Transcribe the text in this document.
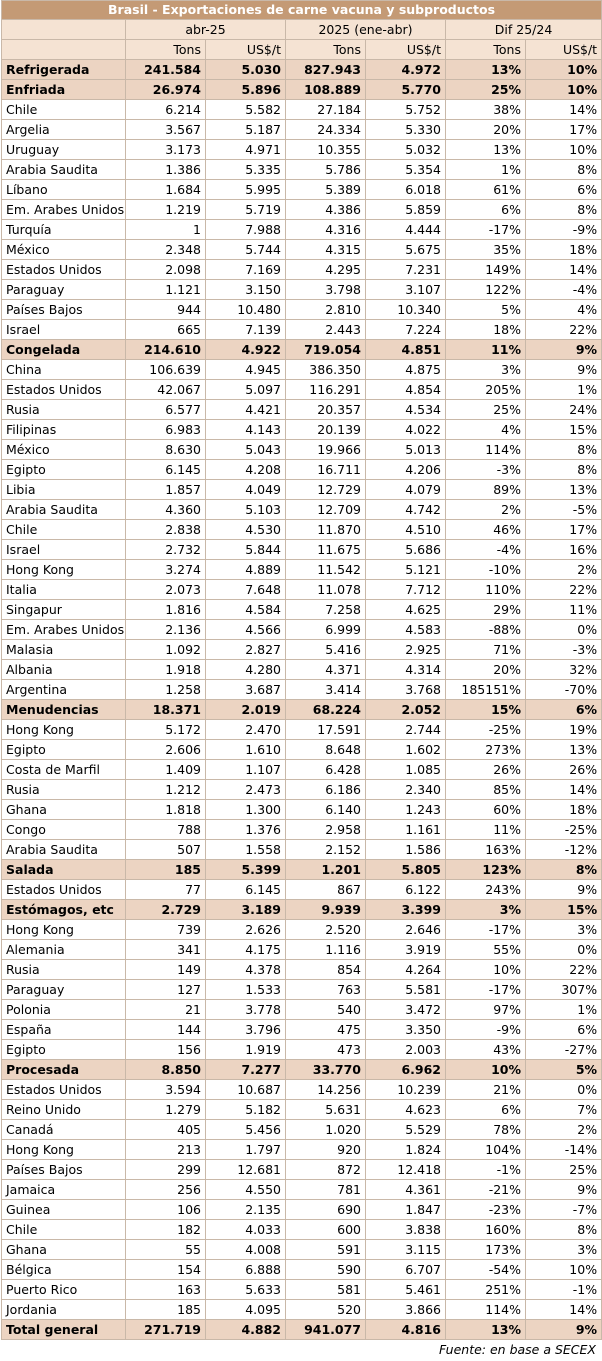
Brasil - Exportaciones de carne vacuna y subproductos						
	abr-25		2025 (ene-abr)		Dif 25/24	
	Tons	US$/t	Tons	US$/t	Tons	US$/t
Refrigerada	241.584	5.030	827.943	4.972	13%	10%
Enfriada	26.974	5.896	108.889	5.770	25%	10%
Chile	6.214	5.582	27.184	5.752	38%	14%
Argelia	3.567	5.187	24.334	5.330	20%	17%
Uruguay	3.173	4.971	10.355	5.032	13%	10%
Arabia Saudita	1.386	5.335	5.786	5.354	1%	8%
Líbano	1.684	5.995	5.389	6.018	61%	6%
Em. Arabes Unidos	1.219	5.719	4.386	5.859	6%	8%
Turquía	1	7.988	4.316	4.444	-17%	-9%
México	2.348	5.744	4.315	5.675	35%	18%
Estados Unidos	2.098	7.169	4.295	7.231	149%	14%
Paraguay	1.121	3.150	3.798	3.107	122%	-4%
Países Bajos	944	10.480	2.810	10.340	5%	4%
Israel	665	7.139	2.443	7.224	18%	22%
Congelada	214.610	4.922	719.054	4.851	11%	9%
China	106.639	4.945	386.350	4.875	3%	9%
Estados Unidos	42.067	5.097	116.291	4.854	205%	1%
Rusia	6.577	4.421	20.357	4.534	25%	24%
Filipinas	6.983	4.143	20.139	4.022	4%	15%
México	8.630	5.043	19.966	5.013	114%	8%
Egipto	6.145	4.208	16.711	4.206	-3%	8%
Libia	1.857	4.049	12.729	4.079	89%	13%
Arabia Saudita	4.360	5.103	12.709	4.742	2%	-5%
Chile	2.838	4.530	11.870	4.510	46%	17%
Israel	2.732	5.844	11.675	5.686	-4%	16%
Hong Kong	3.274	4.889	11.542	5.121	-10%	2%
Italia	2.073	7.648	11.078	7.712	110%	22%
Singapur	1.816	4.584	7.258	4.625	29%	11%
Em. Arabes Unidos	2.136	4.566	6.999	4.583	-88%	0%
Malasia	1.092	2.827	5.416	2.925	71%	-3%
Albania	1.918	4.280	4.371	4.314	20%	32%
Argentina	1.258	3.687	3.414	3.768	185151%	-70%
Menudencias	18.371	2.019	68.224	2.052	15%	6%
Hong Kong	5.172	2.470	17.591	2.744	-25%	19%
Egipto	2.606	1.610	8.648	1.602	273%	13%
Costa de Marfil	1.409	1.107	6.428	1.085	26%	26%
Rusia	1.212	2.473	6.186	2.340	85%	14%
Ghana	1.818	1.300	6.140	1.243	60%	18%
Congo	788	1.376	2.958	1.161	11%	-25%
Arabia Saudita	507	1.558	2.152	1.586	163%	-12%
Salada	185	5.399	1.201	5.805	123%	8%
Estados Unidos	77	6.145	867	6.122	243%	9%
Estómagos, etc	2.729	3.189	9.939	3.399	3%	15%
Hong Kong	739	2.626	2.520	2.646	-17%	3%
Alemania	341	4.175	1.116	3.919	55%	0%
Rusia	149	4.378	854	4.264	10%	22%
Paraguay	127	1.533	763	5.581	-17%	307%
Polonia	21	3.778	540	3.472	97%	1%
España	144	3.796	475	3.350	-9%	6%
Egipto	156	1.919	473	2.003	43%	-27%
Procesada	8.850	7.277	33.770	6.962	10%	5%
Estados Unidos	3.594	10.687	14.256	10.239	21%	0%
Reino Unido	1.279	5.182	5.631	4.623	6%	7%
Canadá	405	5.456	1.020	5.529	78%	2%
Hong Kong	213	1.797	920	1.824	104%	-14%
Países Bajos	299	12.681	872	12.418	-1%	25%
Jamaica	256	4.550	781	4.361	-21%	9%
Guinea	106	2.135	690	1.847	-23%	-7%
Chile	182	4.033	600	3.838	160%	8%
Ghana	55	4.008	591	3.115	173%	3%
Bélgica	154	6.888	590	6.707	-54%	10%
Puerto Rico	163	5.633	581	5.461	251%	-1%
Jordania	185	4.095	520	3.866	114%	14%
Total general	271.719	4.882	941.077	4.816	13%	9%
Fuente: en base a SECEX
